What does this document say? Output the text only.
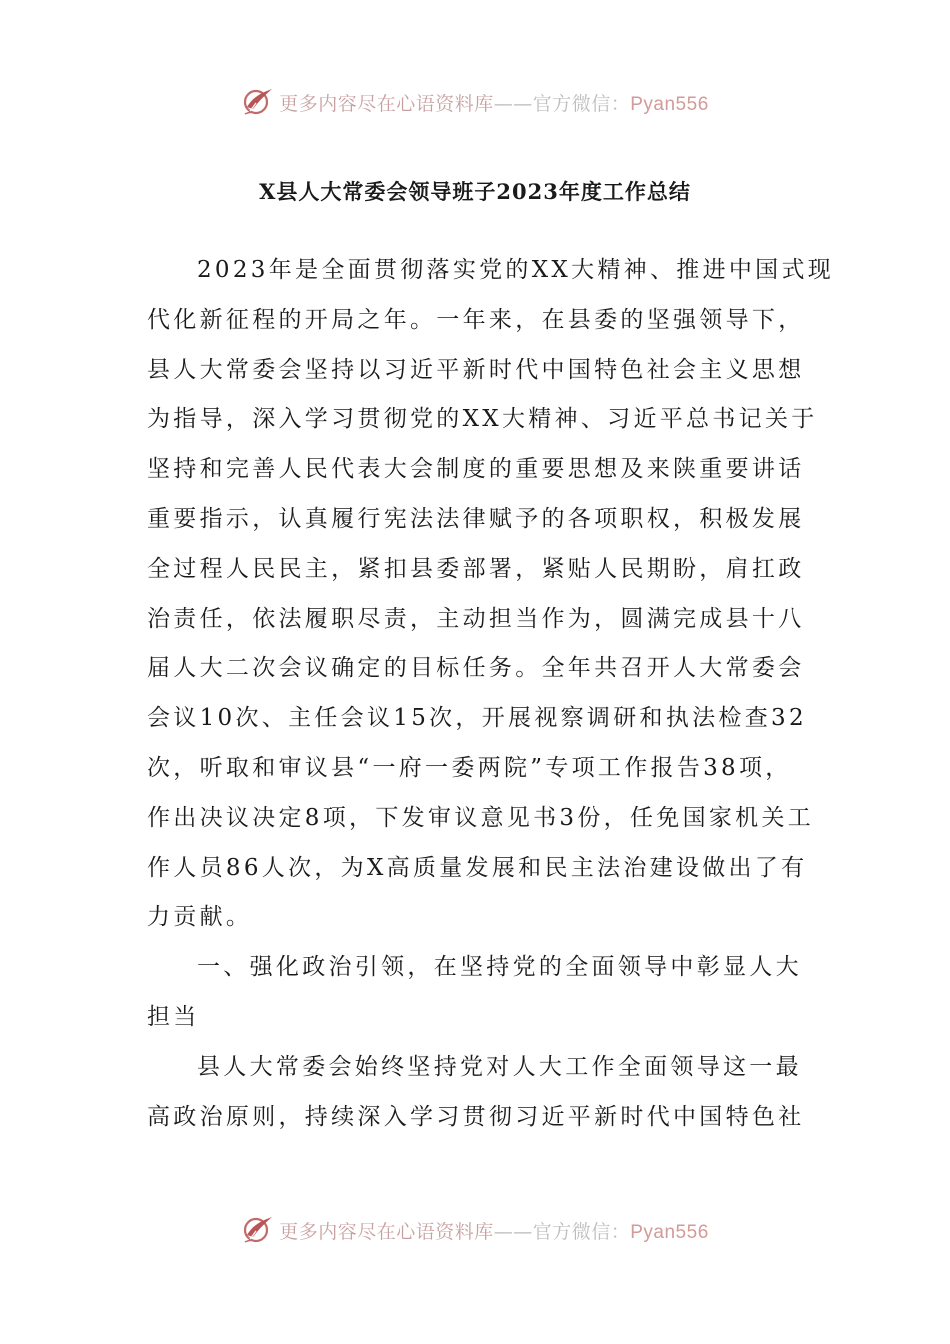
更多内容尽在心语资料库——官方微信：Pyan556
X县人大常委会领导班子2023年度工作总结

2023年是全面贯彻落实党的XX大精神、推进中国式现
代化新征程的开局之年。一年来，在县委的坚强领导下，
县人大常委会坚持以习近平新时代中国特色社会主义思想
为指导，深入学习贯彻党的XX大精神、习近平总书记关于
坚持和完善人民代表大会制度的重要思想及来陕重要讲话
重要指示，认真履行宪法法律赋予的各项职权，积极发展
全过程人民民主，紧扣县委部署，紧贴人民期盼，肩扛政
治责任，依法履职尽责，主动担当作为，圆满完成县十八
届人大二次会议确定的目标任务。全年共召开人大常委会
会议10次、主任会议15次，开展视察调研和执法检查32
次，听取和审议县“一府一委两院”专项工作报告38项，
作出决议决定8项，下发审议意见书3份，任免国家机关工
作人员86人次，为X高质量发展和民主法治建设做出了有
力贡献。

一、强化政治引领，在坚持党的全面领导中彰显人大
担当

县人大常委会始终坚持党对人大工作全面领导这一最
高政治原则，持续深入学习贯彻习近平新时代中国特色社

更多内容尽在心语资料库——官方微信：Pyan556
